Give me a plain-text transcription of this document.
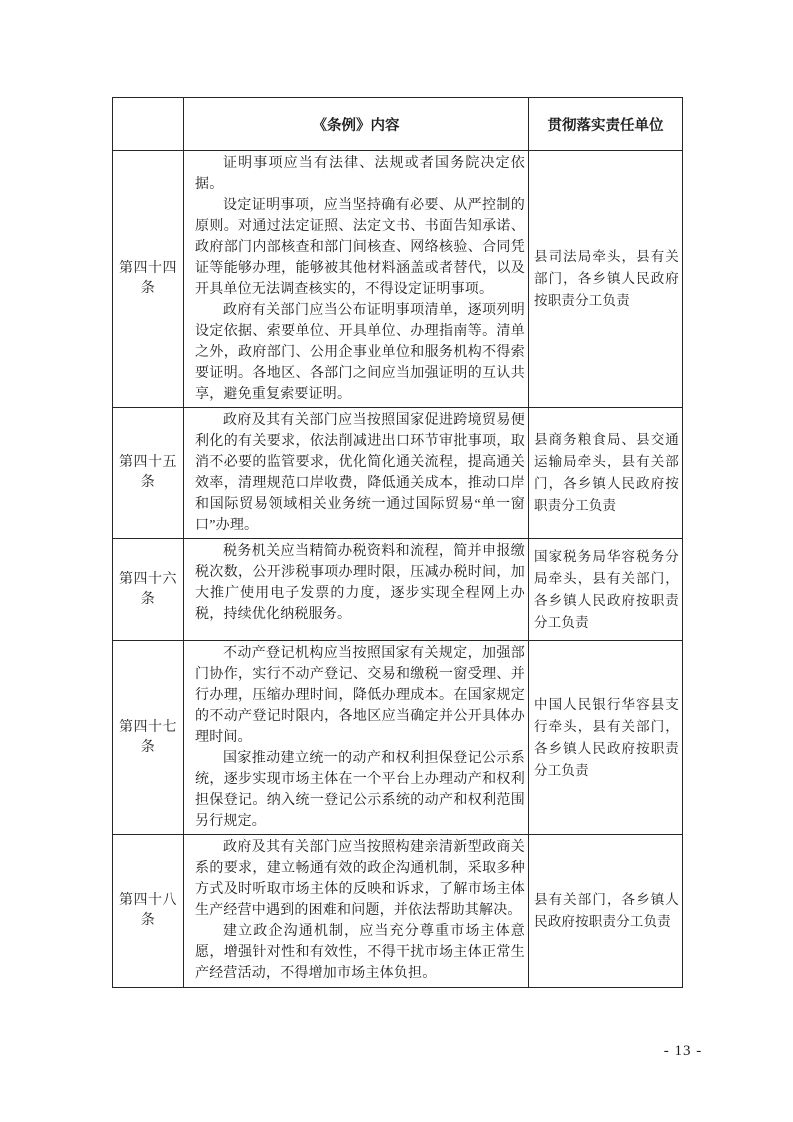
	《条例》内容	贯彻落实责任单位
第四十四条	证明事项应当有法律、法规或者国务院决定依据。

设定证明事项，应当坚持确有必要、从严控制的原则。对通过法定证照、法定文书、书面告知承诺、政府部门内部核查和部门间核查、网络核验、合同凭证等能够办理，能够被其他材料涵盖或者替代，以及开具单位无法调查核实的，不得设定证明事项。

政府有关部门应当公布证明事项清单，逐项列明设定依据、索要单位、开具单位、办理指南等。清单之外，政府部门、公用企事业单位和服务机构不得索要证明。各地区、各部门之间应当加强证明的互认共享，避免重复索要证明。	县司法局牵头，县有关部门，各乡镇人民政府按职责分工负责
第四十五条	政府及其有关部门应当按照国家促进跨境贸易便利化的有关要求，依法削减进出口环节审批事项，取消不必要的监管要求，优化简化通关流程，提高通关效率，清理规范口岸收费，降低通关成本，推动口岸和国际贸易领域相关业务统一通过国际贸易“单一窗口”办理。	县商务粮食局、县交通运输局牵头，县有关部门，各乡镇人民政府按职责分工负责
第四十六条	税务机关应当精简办税资料和流程，简并申报缴税次数，公开涉税事项办理时限，压减办税时间，加大推广使用电子发票的力度，逐步实现全程网上办税，持续优化纳税服务。	国家税务局华容税务分局牵头，县有关部门，各乡镇人民政府按职责分工负责
第四十七条	不动产登记机构应当按照国家有关规定，加强部门协作，实行不动产登记、交易和缴税一窗受理、并行办理，压缩办理时间，降低办理成本。在国家规定的不动产登记时限内，各地区应当确定并公开具体办理时间。

国家推动建立统一的动产和权利担保登记公示系统，逐步实现市场主体在一个平台上办理动产和权利担保登记。纳入统一登记公示系统的动产和权利范围另行规定。	中国人民银行华容县支行牵头，县有关部门，各乡镇人民政府按职责分工负责
第四十八条	政府及其有关部门应当按照构建亲清新型政商关系的要求，建立畅通有效的政企沟通机制，采取多种方式及时听取市场主体的反映和诉求，了解市场主体生产经营中遇到的困难和问题，并依法帮助其解决。

建立政企沟通机制，应当充分尊重市场主体意愿，增强针对性和有效性，不得干扰市场主体正常生产经营活动，不得增加市场主体负担。	县有关部门，各乡镇人民政府按职责分工负责
- 13 -
